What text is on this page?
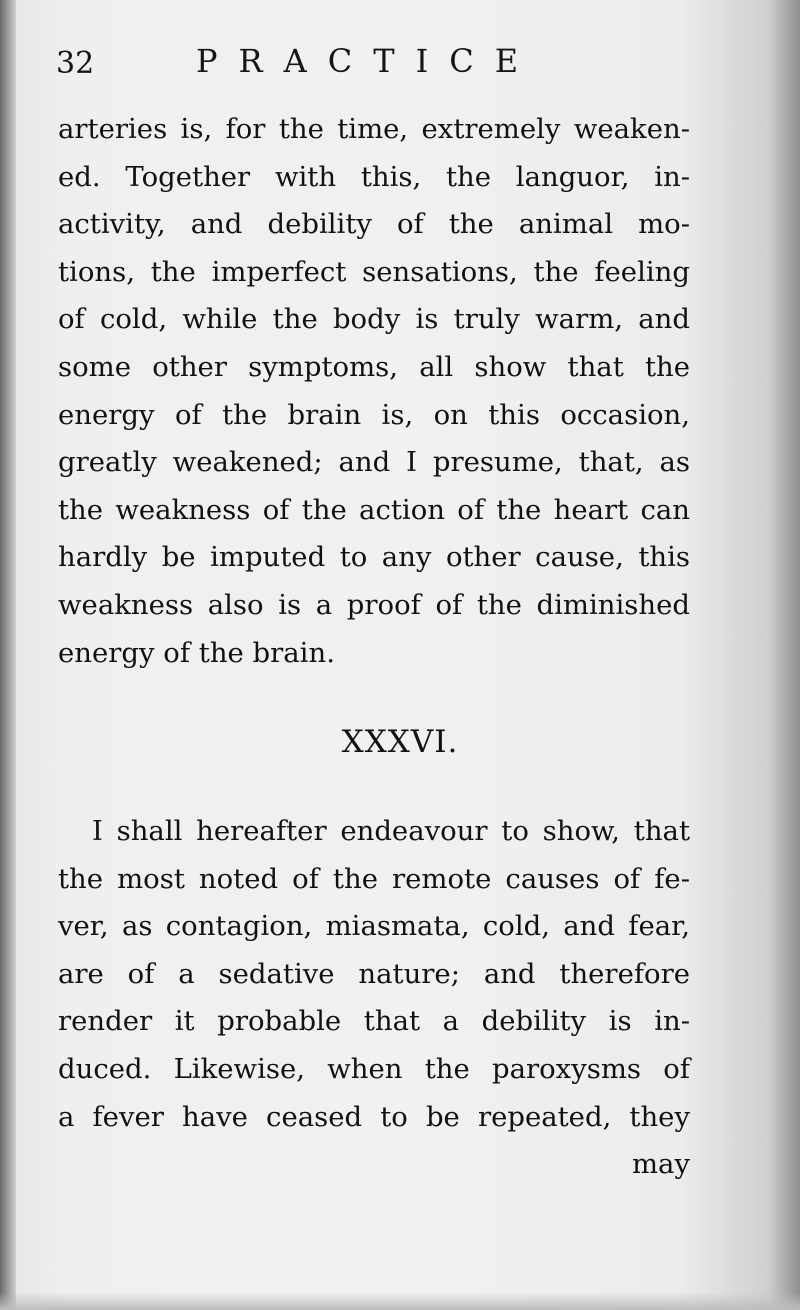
32	PRACTICE
arteries is, for the time, extremely weaken-
ed. Together with this, the languor, in-
activity, and debility of the animal mo-
tions, the imperfect sensations, the feeling
of cold, while the body is truly warm, and
some other symptoms, all show that the
energy of the brain is, on this occasion,
greatly weakened; and I presume, that, as
the weakness of the action of the heart can
hardly be imputed to any other cause, this
weakness also is a proof of the diminished
energy of the brain.
XXXVI.
I shall hereafter endeavour to show, that
the most noted of the remote causes of fe-
ver, as contagion, miasmata, cold, and fear,
are of a sedative nature; and therefore
render it probable that a debility is in-
duced. Likewise, when the paroxysms of
a fever have ceased to be repeated, they
may
